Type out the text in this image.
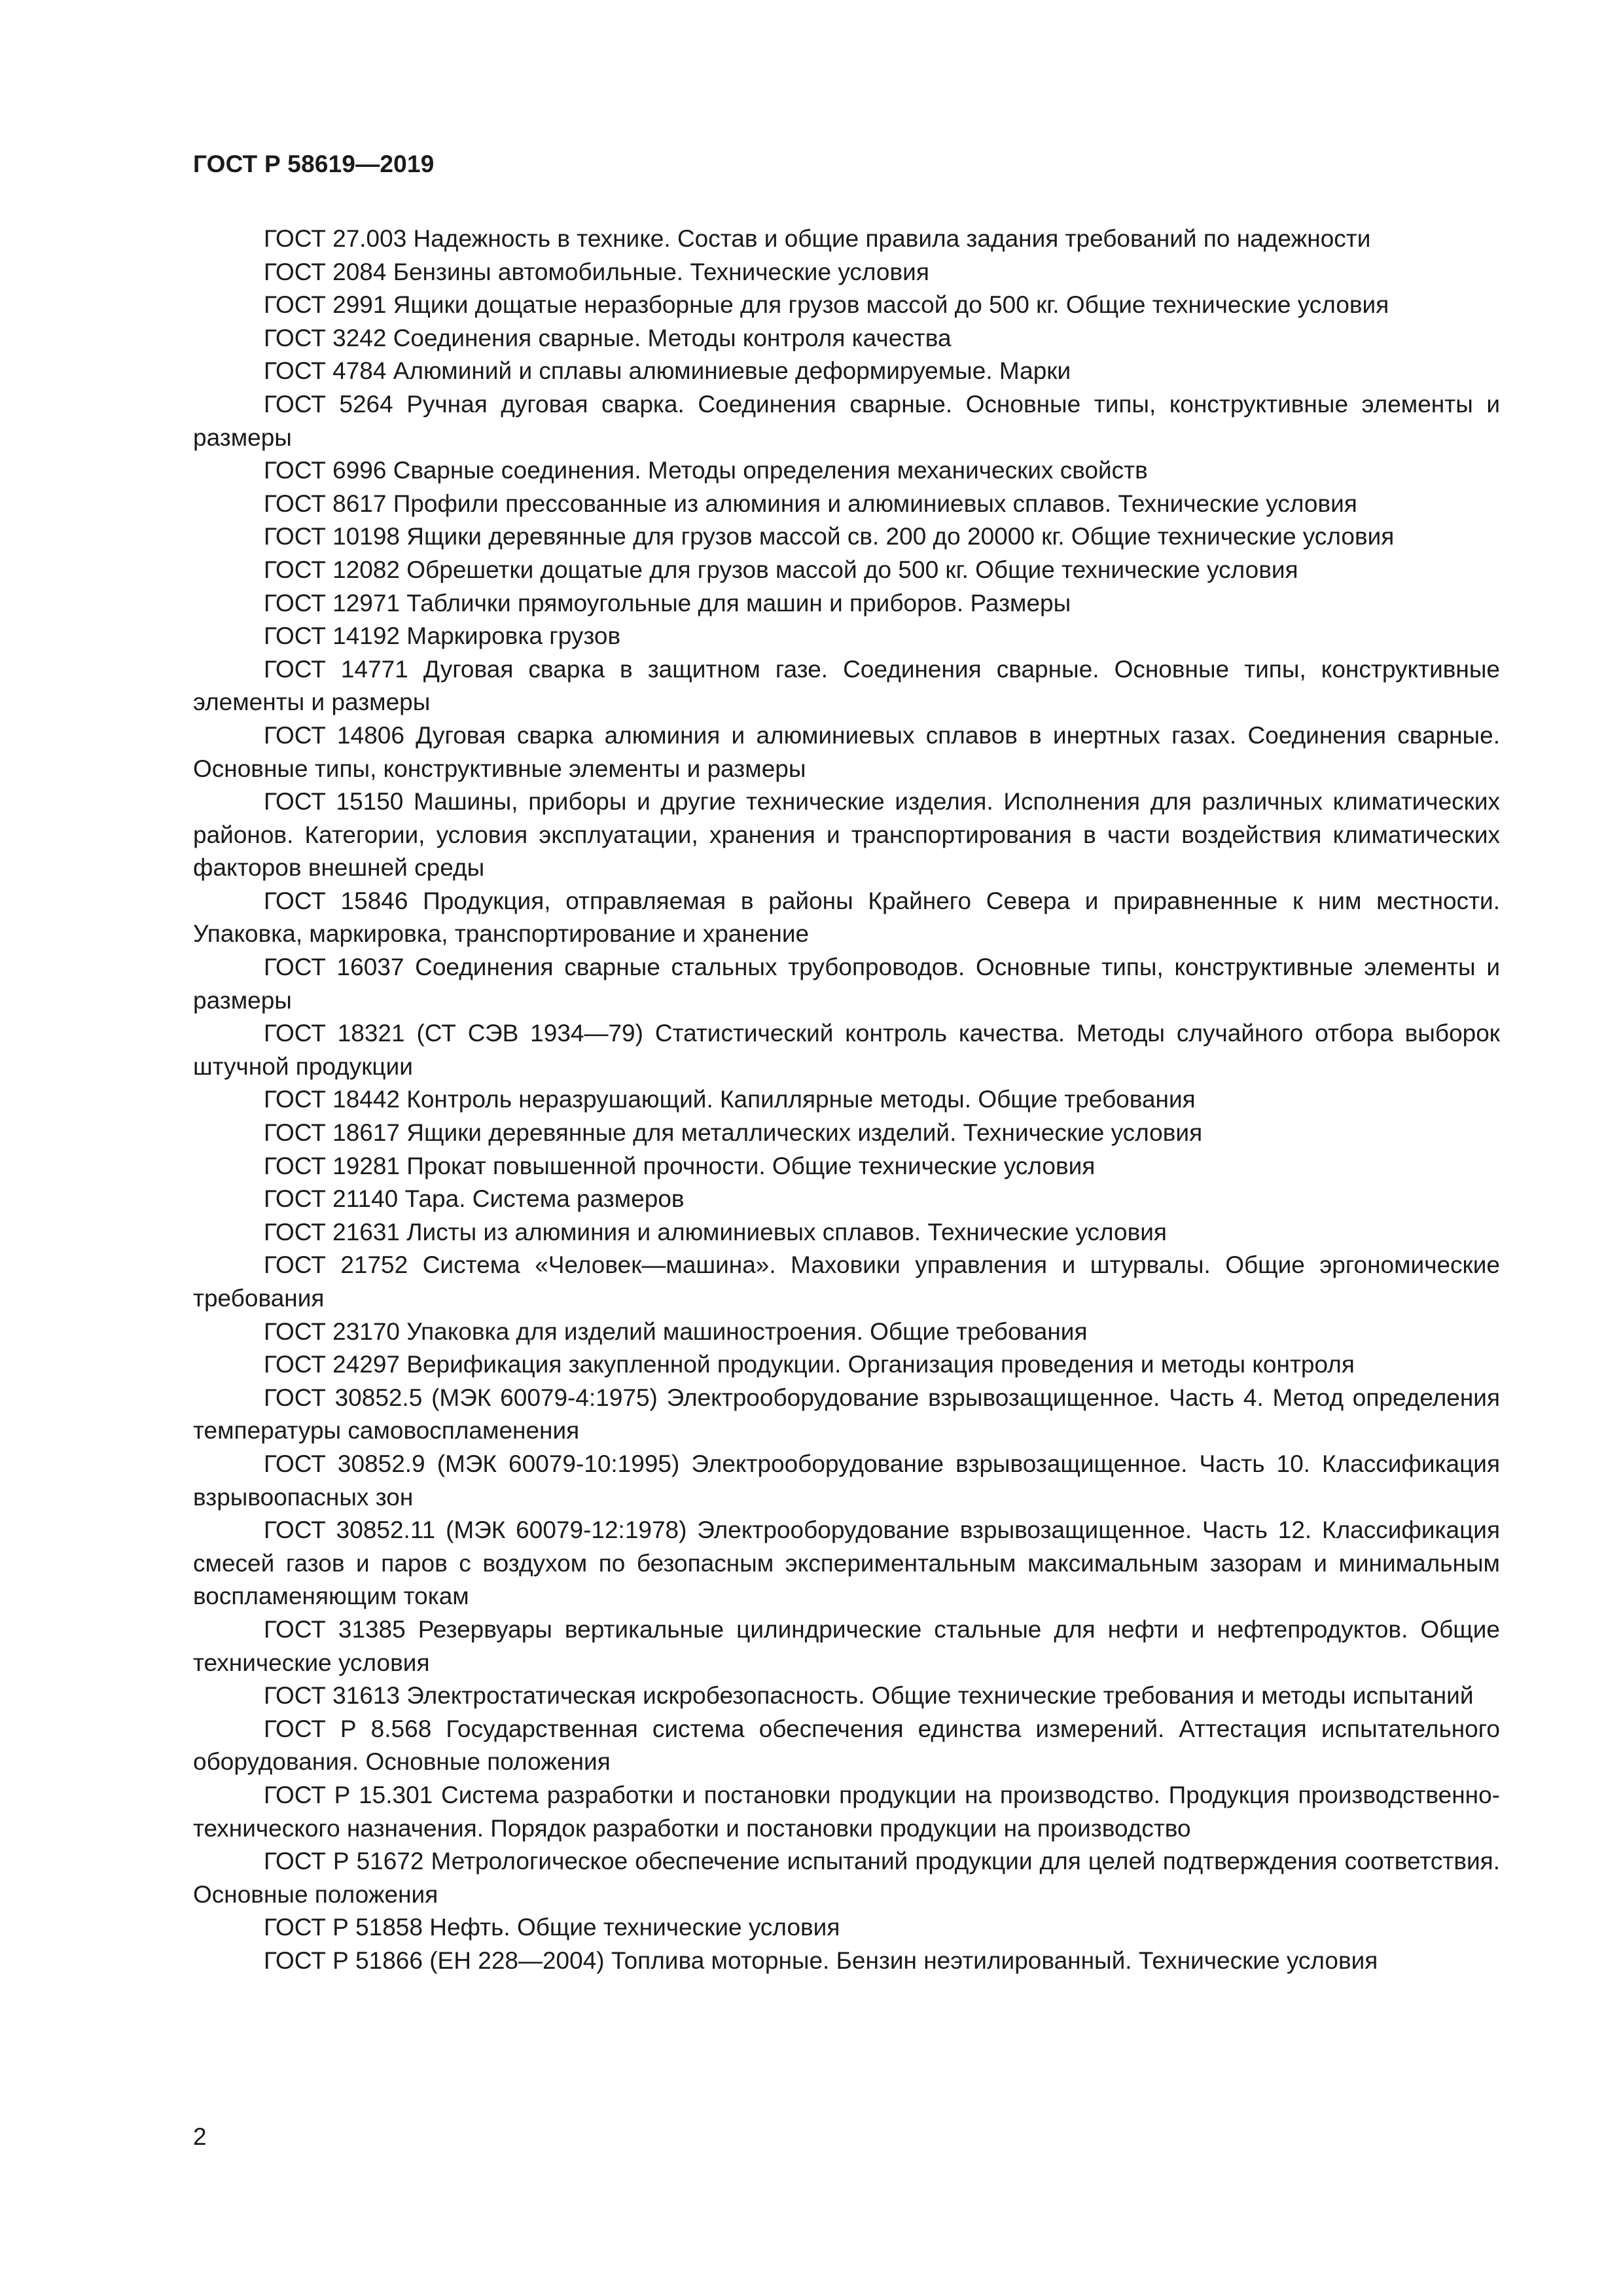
ГОСТ Р 58619—2019

ГОСТ 27.003 Надежность в технике. Состав и общие правила задания требований по надежности

ГОСТ 2084 Бензины автомобильные. Технические условия

ГОСТ 2991 Ящики дощатые неразборные для грузов массой до 500 кг. Общие технические условия

ГОСТ 3242 Соединения сварные. Методы контроля качества

ГОСТ 4784 Алюминий и сплавы алюминиевые деформируемые. Марки

ГОСТ 5264 Ручная дуговая сварка. Соединения сварные. Основные типы, конструктивные элементы и размеры

ГОСТ 6996 Сварные соединения. Методы определения механических свойств

ГОСТ 8617 Профили прессованные из алюминия и алюминиевых сплавов. Технические условия

ГОСТ 10198 Ящики деревянные для грузов массой св. 200 до 20000 кг. Общие технические условия

ГОСТ 12082 Обрешетки дощатые для грузов массой до 500 кг. Общие технические условия

ГОСТ 12971 Таблички прямоугольные для машин и приборов. Размеры

ГОСТ 14192 Маркировка грузов

ГОСТ 14771 Дуговая сварка в защитном газе. Соединения сварные. Основные типы, конструктивные элементы и размеры

ГОСТ 14806 Дуговая сварка алюминия и алюминиевых сплавов в инертных газах. Соединения сварные. Основные типы, конструктивные элементы и размеры

ГОСТ 15150 Машины, приборы и другие технические изделия. Исполнения для различных климатических районов. Категории, условия эксплуатации, хранения и транспортирования в части воздействия климатических факторов внешней среды

ГОСТ 15846 Продукция, отправляемая в районы Крайнего Севера и приравненные к ним местности. Упаковка, маркировка, транспортирование и хранение

ГОСТ 16037 Соединения сварные стальных трубопроводов. Основные типы, конструктивные элементы и размеры

ГОСТ 18321 (СТ СЭВ 1934—79) Статистический контроль качества. Методы случайного отбора выборок штучной продукции

ГОСТ 18442 Контроль неразрушающий. Капиллярные методы. Общие требования

ГОСТ 18617 Ящики деревянные для металлических изделий. Технические условия

ГОСТ 19281 Прокат повышенной прочности. Общие технические условия

ГОСТ 21140 Тара. Система размеров

ГОСТ 21631 Листы из алюминия и алюминиевых сплавов. Технические условия

ГОСТ 21752 Система «Человек—машина». Маховики управления и штурвалы. Общие эргономические требования

ГОСТ 23170 Упаковка для изделий машиностроения. Общие требования

ГОСТ 24297 Верификация закупленной продукции. Организация проведения и методы контроля

ГОСТ 30852.5 (МЭК 60079-4:1975) Электрооборудование взрывозащищенное. Часть 4. Метод определения температуры самовоспламенения

ГОСТ 30852.9 (МЭК 60079-10:1995) Электрооборудование взрывозащищенное. Часть 10. Классификация взрывоопасных зон

ГОСТ 30852.11 (МЭК 60079-12:1978) Электрооборудование взрывозащищенное. Часть 12. Классификация смесей газов и паров с воздухом по безопасным экспериментальным максимальным зазорам и минимальным воспламеняющим токам

ГОСТ 31385 Резервуары вертикальные цилиндрические стальные для нефти и нефтепродуктов. Общие технические условия

ГОСТ 31613 Электростатическая искробезопасность. Общие технические требования и методы испытаний

ГОСТ Р 8.568 Государственная система обеспечения единства измерений. Аттестация испытательного оборудования. Основные положения

ГОСТ Р 15.301 Система разработки и постановки продукции на производство. Продукция производственно-технического назначения. Порядок разработки и постановки продукции на производство

ГОСТ Р 51672 Метрологическое обеспечение испытаний продукции для целей подтверждения соответствия. Основные положения

ГОСТ Р 51858 Нефть. Общие технические условия

ГОСТ Р 51866 (ЕН 228—2004) Топлива моторные. Бензин неэтилированный. Технические условия

2
